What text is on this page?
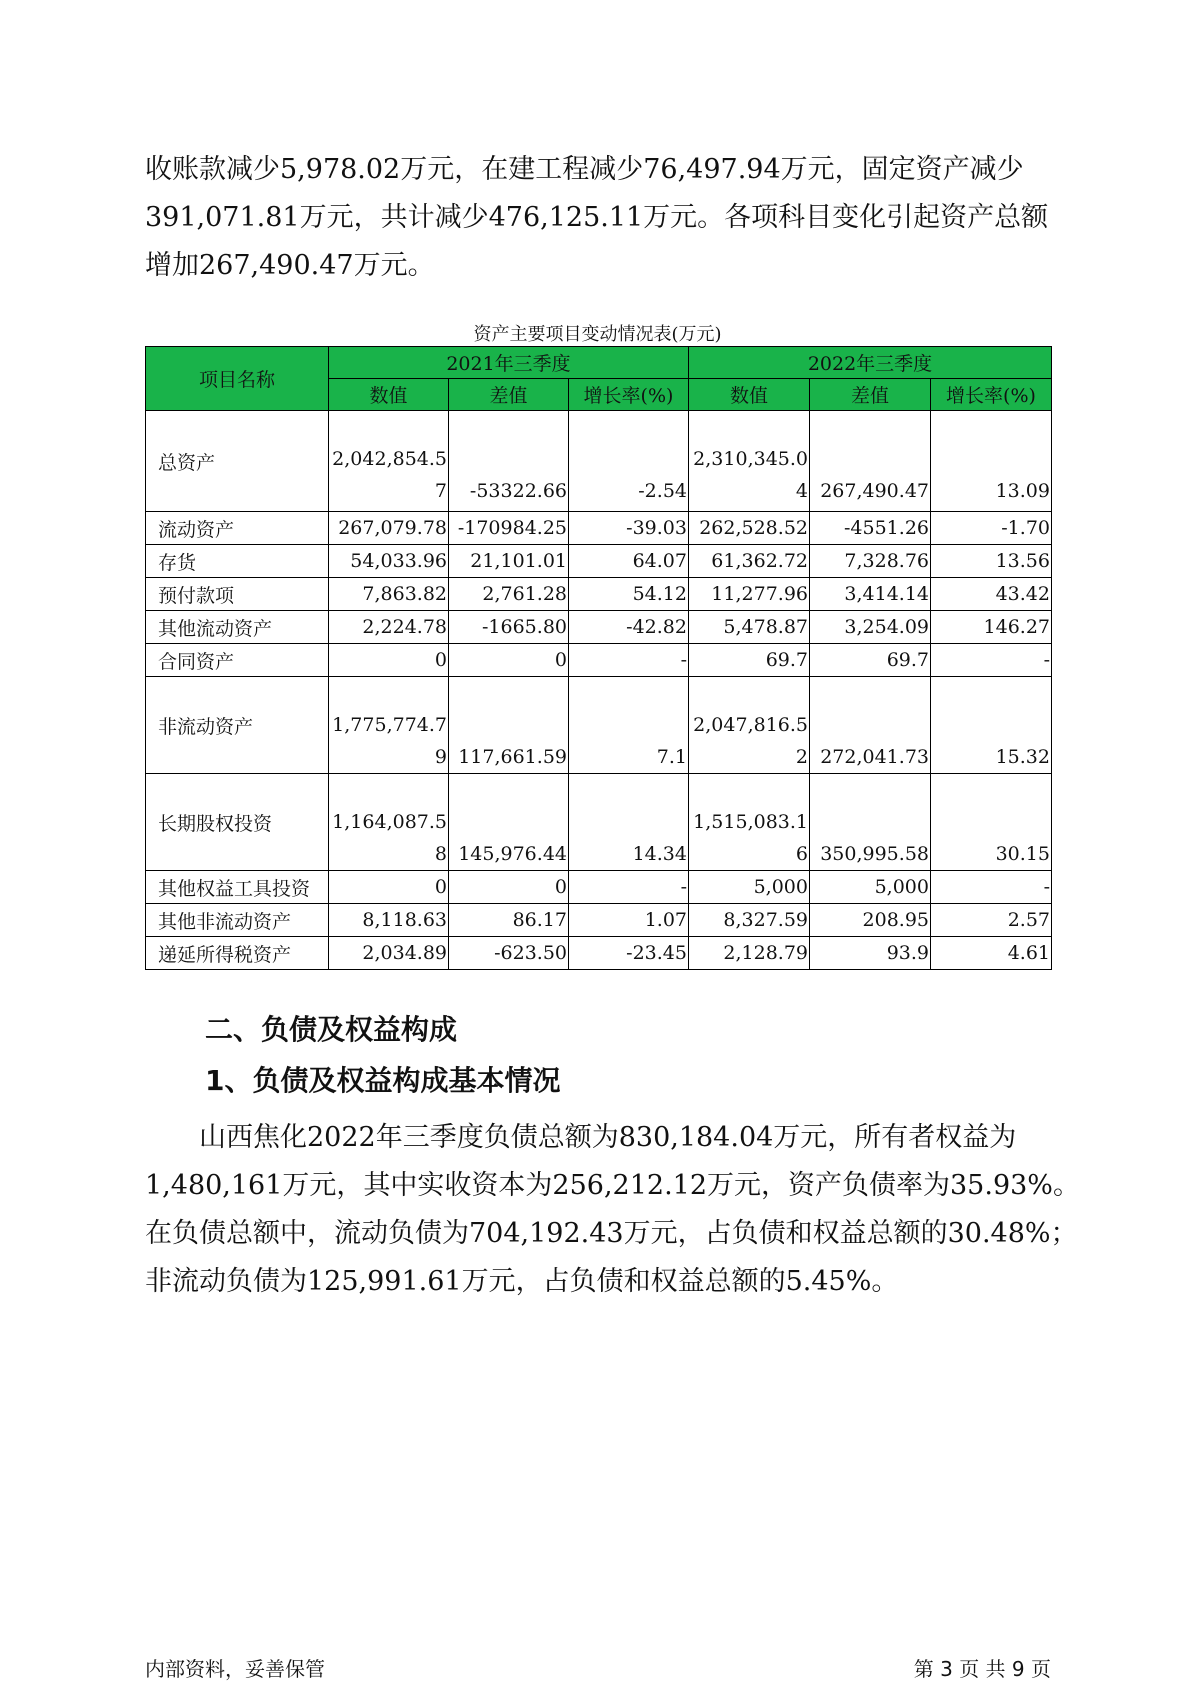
收账款减少5,978.02万元，在建工程减少76,497.94万元，固定资产减少
391,071.81万元，共计减少476,125.11万元。各项科目变化引起资产总额
增加267,490.47万元。

资产主要项目变动情况表(万元)

项目名称	2021年三季度			2022年三季度		
	数值	差值	增长率(%)	数值	差值	增长率(%)
总资产	2,042,854.57	-53322.66	-2.54	2,310,345.04	267,490.47	13.09
流动资产	267,079.78	-170984.25	-39.03	262,528.52	-4551.26	-1.70
存货	54,033.96	21,101.01	64.07	61,362.72	7,328.76	13.56
预付款项	7,863.82	2,761.28	54.12	11,277.96	3,414.14	43.42
其他流动资产	2,224.78	-1665.80	-42.82	5,478.87	3,254.09	146.27
合同资产	0	0	-	69.7	69.7	-
非流动资产	1,775,774.79	117,661.59	7.1	2,047,816.52	272,041.73	15.32
长期股权投资	1,164,087.58	145,976.44	14.34	1,515,083.16	350,995.58	30.15
其他权益工具投资	0	0	-	5,000	5,000	-
其他非流动资产	8,118.63	86.17	1.07	8,327.59	208.95	2.57
递延所得税资产	2,034.89	-623.50	-23.45	2,128.79	93.9	4.61
二、负债及权益构成
1、负债及权益构成基本情况
　　山西焦化2022年三季度负债总额为830,184.04万元，所有者权益为
1,480,161万元，其中实收资本为256,212.12万元，资产负债率为35.93%。
在负债总额中，流动负债为704,192.43万元，占负债和权益总额的30.48%；
非流动负债为125,991.61万元，占负债和权益总额的5.45%。
内部资料，妥善保管	第 3 页 共 9 页
